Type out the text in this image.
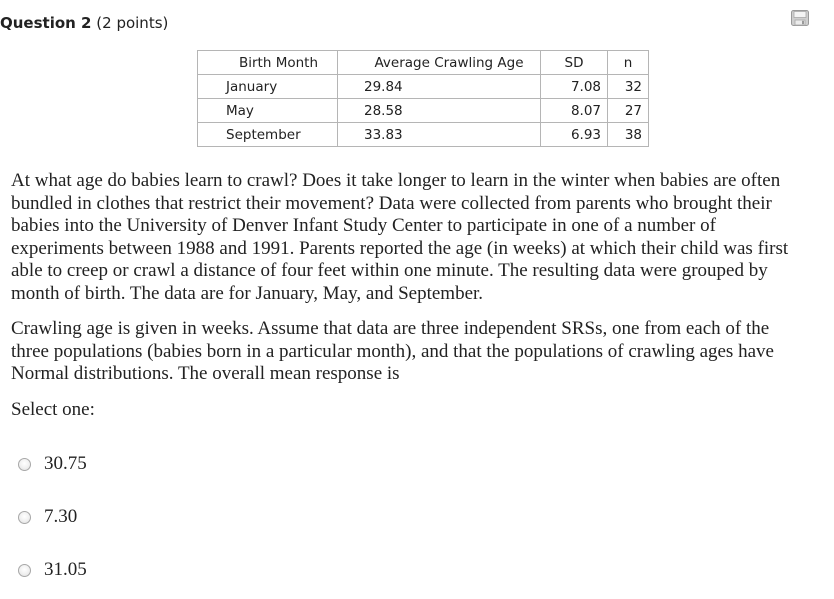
Question 2 (2 points)
Birth Month	Average Crawling Age	SD	n
January	29.84	7.08	32
May	28.58	8.07	27
September	33.83	6.93	38

At what age do babies learn to crawl? Does it take longer to learn in the winter when babies are often bundled in clothes that restrict their movement? Data were collected from parents who brought their babies into the University of Denver Infant Study Center to participate in one of a number of experiments between 1988 and 1991. Parents reported the age (in weeks) at which their child was first able to creep or crawl a distance of four feet within one minute. The resulting data were grouped by month of birth. The data are for January, May, and September.

Crawling age is given in weeks. Assume that data are three independent SRSs, one from each of the three populations (babies born in a particular month), and that the populations of crawling ages have Normal distributions. The overall mean response is

Select one:
30.75
7.30
31.05
